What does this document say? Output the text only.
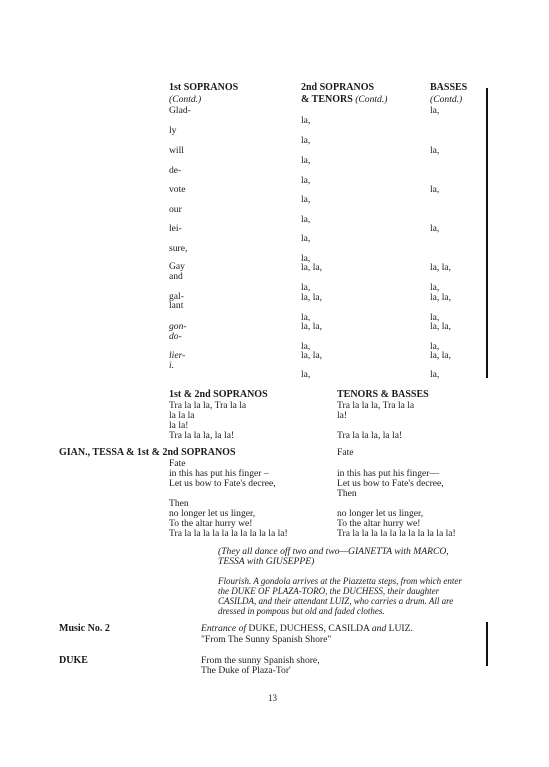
1st SOPRANOS
(Contd.)
2nd SOPRANOS
& TENORS (Contd.)
BASSES
(Contd.)
Glad-
ly
will
de-
vote
our
lei-
sure,
Gay
and
gal-
lant
gon-
do-
lier-
i.
la,
la,
la,
la,
la,
la,
la,
la,
la, la,
la,
la, la,
la,
la, la,
la,
la, la,
la,
la,
la,
la,
la,
la, la,
la,
la, la,
la,
la, la,
la,
la, la,
la,
1st & 2nd SOPRANOS
Tra la la la, Tra la la
la la la
la la!
Tra la la la, la la!
TENORS & BASSES
Tra la la la, Tra la la
la!
Tra la la la, la la!
GIAN., TESSA & 1st & 2nd SOPRANOS
Fate
in this has put his finger –
Let us bow to Fate's decree,
Then
no longer let us linger,
To the altar hurry we!
Tra la la la la la la la la la la la!
Fate
in this has put his finger—
Let us bow to Fate's decree,
Then
no longer let us linger,
To the altar hurry we!
Tra la la la la la la la la la la la!
(They all dance off two and two—GIANETTA with MARCO,
TESSA with GIUSEPPE)
Flourish. A gondola arrives at the Piazzetta steps, from which enter
the DUKE OF PLAZA-TORO, the DUCHESS, their daughter
CASILDA, and their attendant LUIZ, who carries a drum. All are
dressed in pompous but old and faded clothes.
Music No. 2	Entrance of DUKE, DUCHESS, CASILDA and LUIZ.
"From The Sunny Spanish Shore"
DUKE	From the sunny Spanish shore,
The Duke of Plaza-Tor'
13
